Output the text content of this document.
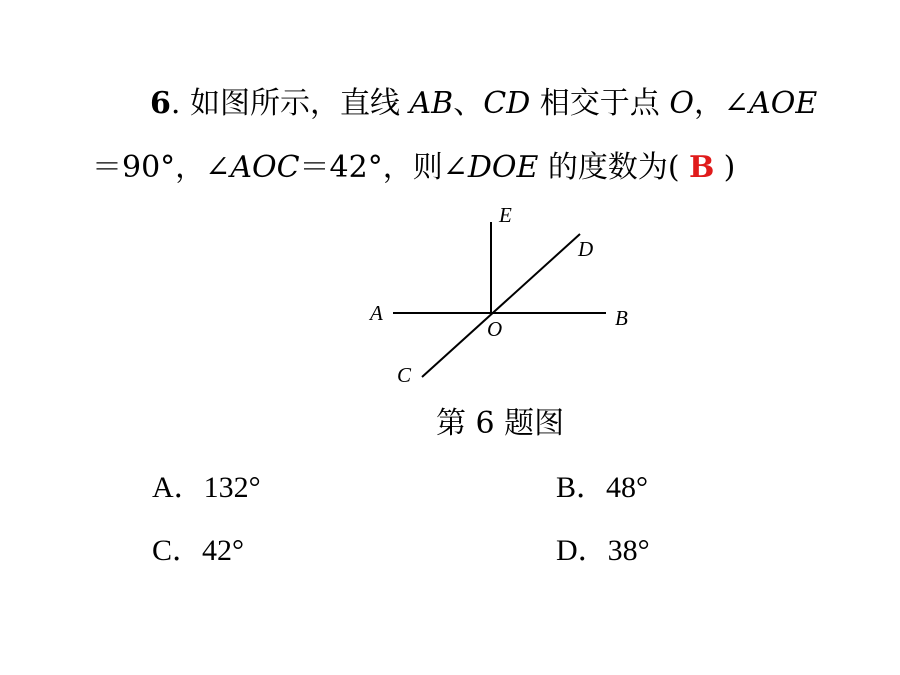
6. 如图所示，直线 AB、CD 相交于点 O，∠AOE
＝90°，∠AOC＝42°，则∠DOE 的度数为( B )
A	B
C
D
E
O
第 6 题图
A．132°	B．48°
C．42°	D．38°
